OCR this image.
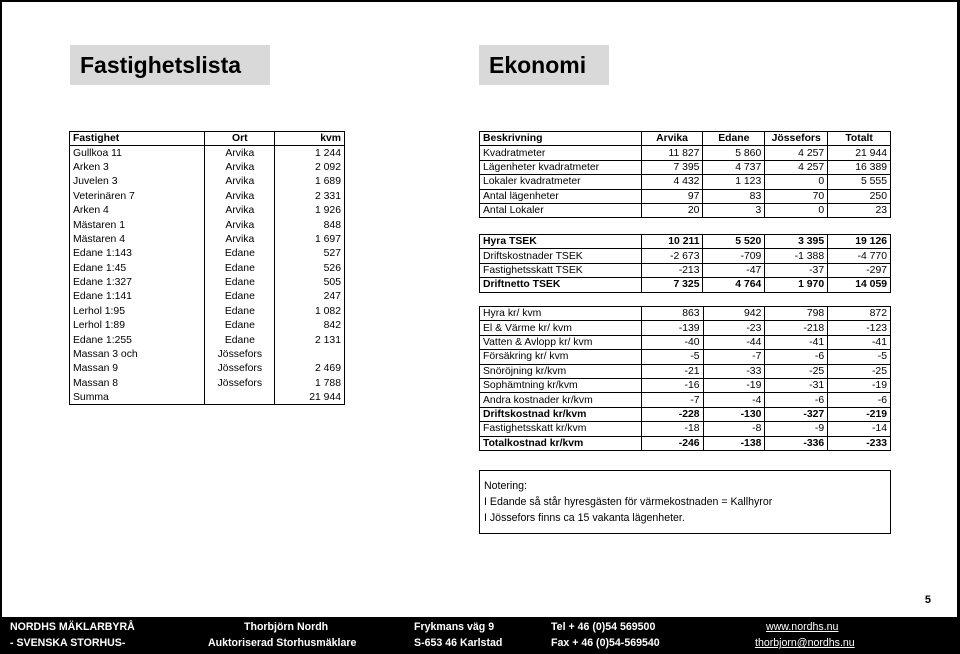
Fastighetslista	Ekonomi
Fastighet	Ort	kvm
Gullkoa 11	Arvika	1 244
Arken 3	Arvika	2 092
Juvelen 3	Arvika	1 689
Veterinären 7	Arvika	2 331
Arken 4	Arvika	1 926
Mästaren 1	Arvika	848
Mästaren 4	Arvika	1 697
Edane 1:143	Edane	527
Edane 1:45	Edane	526
Edane 1:327	Edane	505
Edane 1:141	Edane	247
Lerhol 1:95	Edane	1 082
Lerhol 1:89	Edane	842
Edane 1:255	Edane	2 131
Massan 3 och	Jössefors	
Massan 9	Jössefors	2 469
Massan 8	Jössefors	1 788
Summa		21 944
Beskrivning	Arvika	Edane	Jössefors	Totalt
Kvadratmeter	11 827	5 860	4 257	21 944
Lägenheter kvadratmeter	7 395	4 737	4 257	16 389
Lokaler kvadratmeter	4 432	1 123	0	5 555
Antal lägenheter	97	83	70	250
Antal Lokaler	20	3	0	23
Hyra TSEK	10 211	5 520	3 395	19 126
Driftskostnader TSEK	-2 673	-709	-1 388	-4 770
Fastighetsskatt TSEK	-213	-47	-37	-297
Driftnetto TSEK	7 325	4 764	1 970	14 059
Hyra kr/ kvm	863	942	798	872
El & Värme kr/ kvm	-139	-23	-218	-123
Vatten & Avlopp kr/ kvm	-40	-44	-41	-41
Försäkring kr/ kvm	-5	-7	-6	-5
Snöröjning kr/kvm	-21	-33	-25	-25
Sophämtning kr/kvm	-16	-19	-31	-19
Andra kostnader kr/kvm	-7	-4	-6	-6
Driftskostnad kr/kvm	-228	-130	-327	-219
Fastighetsskatt kr/kvm	-18	-8	-9	-14
Totalkostnad kr/kvm	-246	-138	-336	-233
Notering:
I Edande så står hyresgästen för värmekostnaden = Kallhyror
I Jössefors finns ca 15 vakanta lägenheter.
5
NORDHS MÄKLARBYRÅ
- SVENSKA STORHUS-
Thorbjörn Nordh
Auktoriserad Storhusmäklare
Frykmans väg 9
S-653 46 Karlstad
Tel + 46 (0)54 569500
Fax + 46 (0)54-569540
www.nordhs.nu
thorbjorn@nordhs.nu
